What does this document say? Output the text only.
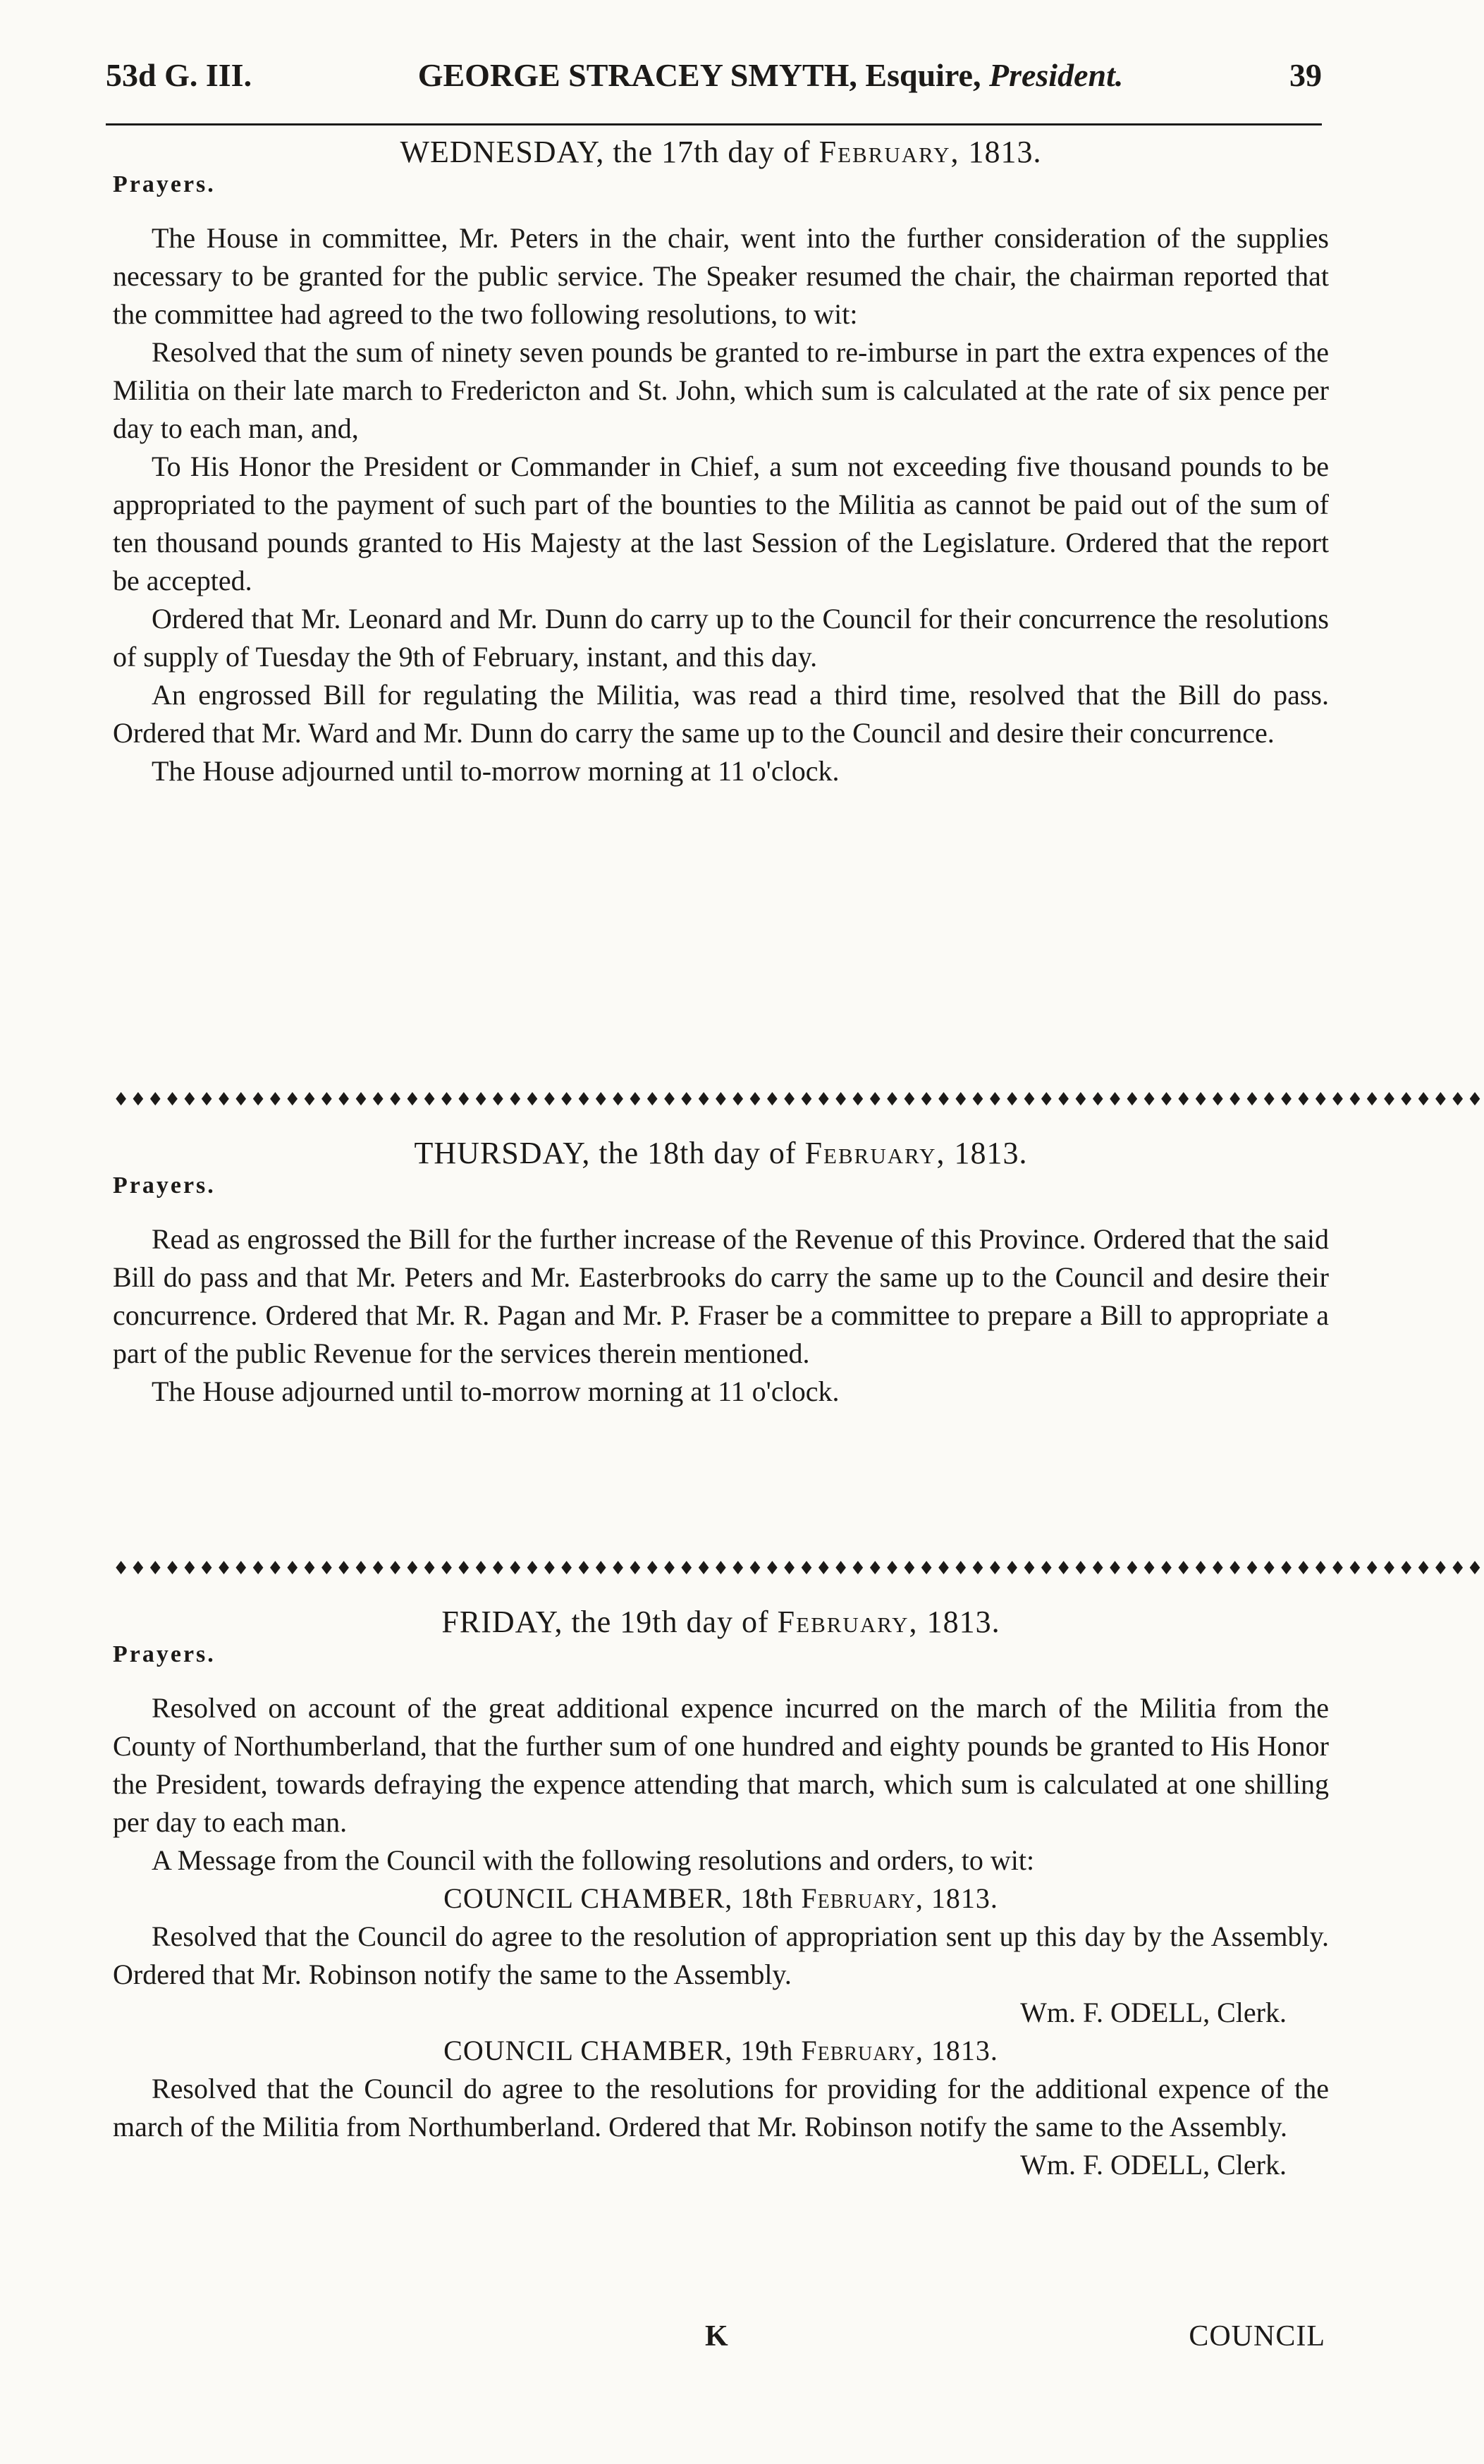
53d G. III.	GEORGE STRACEY SMYTH, Esquire, President.	39
WEDNESDAY, the 17th day of February, 1813.
Prayers.

The House in committee, Mr. Peters in the chair, went into the further consideration of the supplies necessary to be granted for the public service. The Speaker resumed the chair, the chairman reported that the committee had agreed to the two following resolutions, to wit:

Resolved that the sum of ninety seven pounds be granted to re-imburse in part the extra expences of the Militia on their late march to Fredericton and St. John, which sum is calculated at the rate of six pence per day to each man, and,

To His Honor the President or Commander in Chief, a sum not exceeding five thousand pounds to be appropriated to the payment of such part of the bounties to the Militia as cannot be paid out of the sum of ten thousand pounds granted to His Majesty at the last Session of the Legislature. Ordered that the report be accepted.

Ordered that Mr. Leonard and Mr. Dunn do carry up to the Council for their concurrence the resolutions of supply of Tuesday the 9th of February, instant, and this day.

An engrossed Bill for regulating the Militia, was read a third time, resolved that the Bill do pass. Ordered that Mr. Ward and Mr. Dunn do carry the same up to the Council and desire their concurrence.

The House adjourned until to-morrow morning at 11 o'clock.

♦♦♦♦♦♦♦♦♦♦♦♦♦♦♦♦♦♦♦♦♦♦♦♦♦♦♦♦♦♦♦♦♦♦♦♦♦♦♦♦♦♦♦♦♦♦♦♦♦♦♦♦♦♦♦♦♦♦♦♦♦♦♦♦♦♦♦♦♦♦♦♦♦♦♦♦♦♦♦♦
THURSDAY, the 18th day of February, 1813.
Prayers.

Read as engrossed the Bill for the further increase of the Revenue of this Province. Ordered that the said Bill do pass and that Mr. Peters and Mr. Easterbrooks do carry the same up to the Council and desire their concurrence. Ordered that Mr. R. Pagan and Mr. P. Fraser be a committee to prepare a Bill to appropriate a part of the public Revenue for the services therein mentioned.

The House adjourned until to-morrow morning at 11 o'clock.

♦♦♦♦♦♦♦♦♦♦♦♦♦♦♦♦♦♦♦♦♦♦♦♦♦♦♦♦♦♦♦♦♦♦♦♦♦♦♦♦♦♦♦♦♦♦♦♦♦♦♦♦♦♦♦♦♦♦♦♦♦♦♦♦♦♦♦♦♦♦♦♦♦♦♦♦♦♦♦♦
FRIDAY, the 19th day of February, 1813.
Prayers.

Resolved on account of the great additional expence incurred on the march of the Militia from the County of Northumberland, that the further sum of one hundred and eighty pounds be granted to His Honor the President, towards defraying the expence attending that march, which sum is calculated at one shilling per day to each man.

A Message from the Council with the following resolutions and orders, to wit:

COUNCIL CHAMBER, 18th February, 1813.

Resolved that the Council do agree to the resolution of appropriation sent up this day by the Assembly. Ordered that Mr. Robinson notify the same to the Assembly.

Wm. F. ODELL, Clerk.
COUNCIL CHAMBER, 19th February, 1813.

Resolved that the Council do agree to the resolutions for providing for the additional expence of the march of the Militia from Northumberland. Ordered that Mr. Robinson notify the same to the Assembly.

Wm. F. ODELL, Clerk.
K	COUNCIL
